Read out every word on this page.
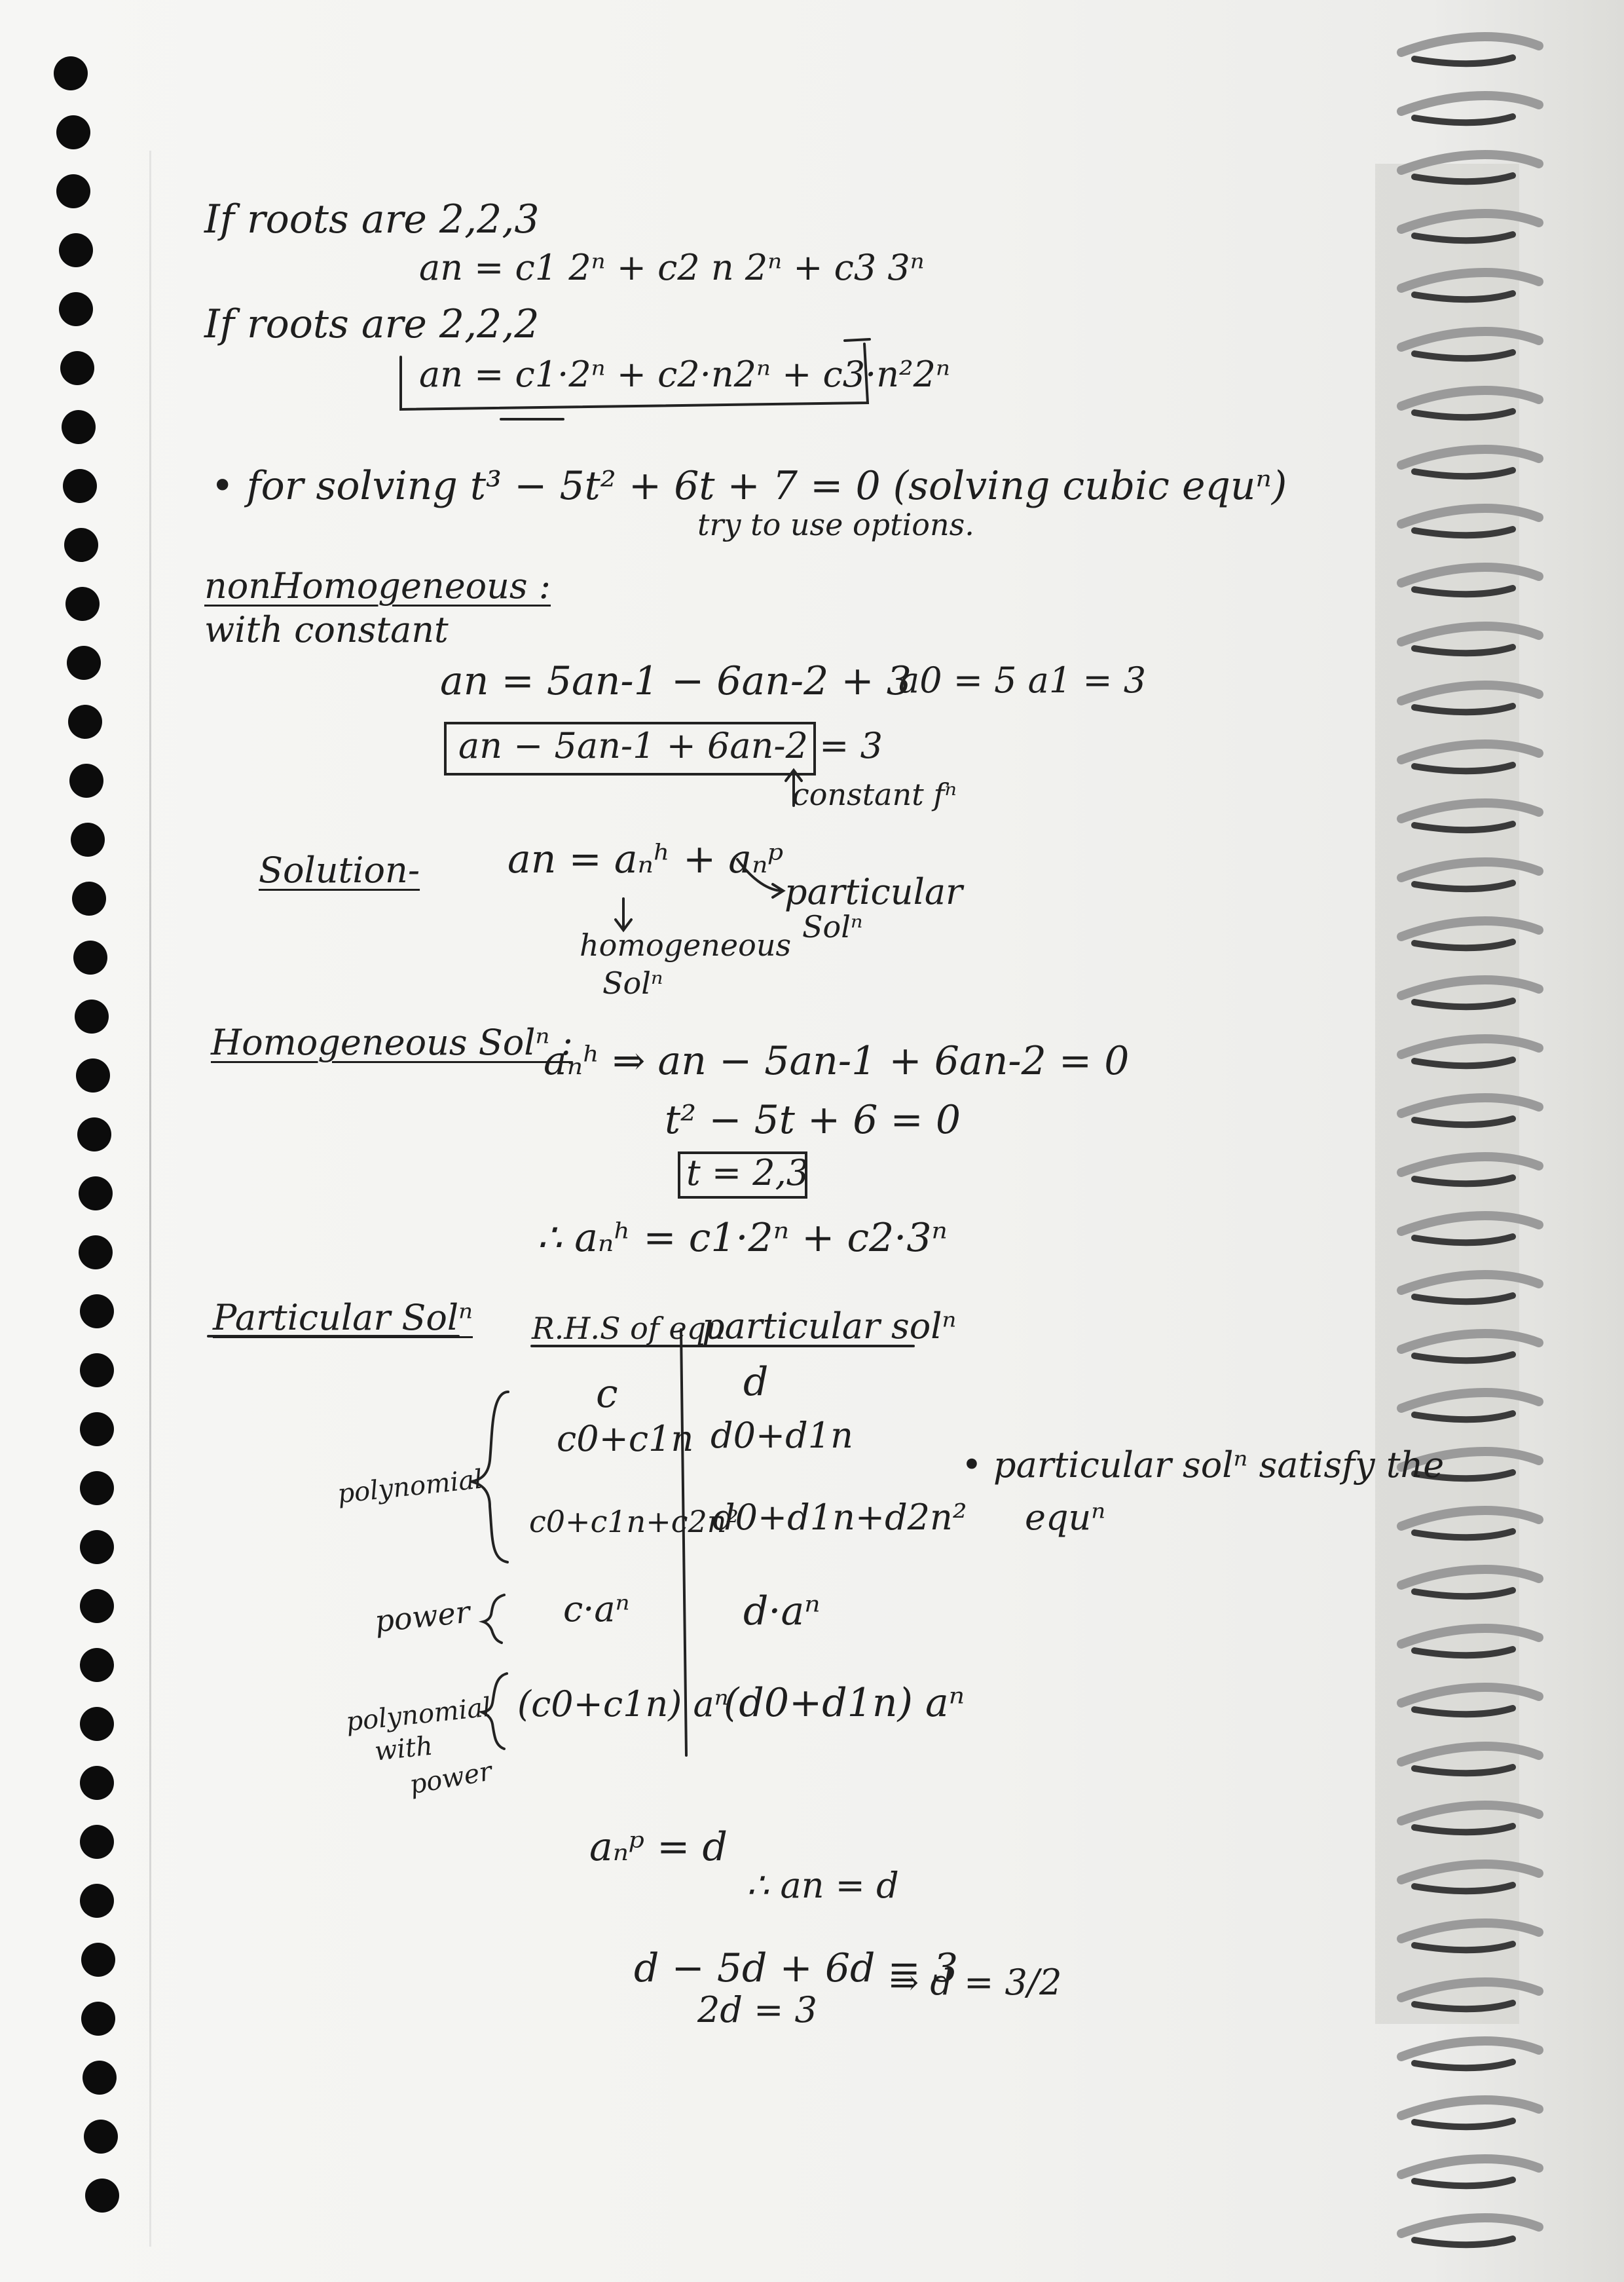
If roots are 2,2,3
an = c1 2ⁿ + c2 n 2ⁿ + c3 3ⁿ
If roots are 2,2,2
an = c1·2ⁿ + c2·n2ⁿ + c3·n²2ⁿ
• for solving t³ − 5t² + 6t + 7 = 0 (solving cubic equⁿ)
try to use options.
nonHomogeneous :
with constant
an = 5an-1 − 6an-2 + 3
a0 = 5 a1 = 3
an − 5an-1 + 6an-2 = 3
constant fⁿ
Solution- an = aₙʰ + aₙᵖ
homogeneous
Solⁿ
particular
Solⁿ
Homogeneous Solⁿ :
aₙʰ ⇒ an − 5an-1 + 6an-2 = 0
t² − 5t + 6 = 0
t = 2,3
∴ aₙʰ = c1·2ⁿ + c2·3ⁿ
Particular Solⁿ R.H.S of equ
particular solⁿ
c	d
c0+c1n d0+d1n
c0+c1n+c2n²
d0+d1n+d2n²
c·aⁿ	d·aⁿ
(c0+c1n) aⁿ
(d0+d1n) aⁿ
polynomial
power
polynomial
with
power
• particular solⁿ satisfy the
equⁿ
aₙᵖ = d
∴ an = d
d − 5d + 6d = 3
2d = 3
⇒ d = 3/2
